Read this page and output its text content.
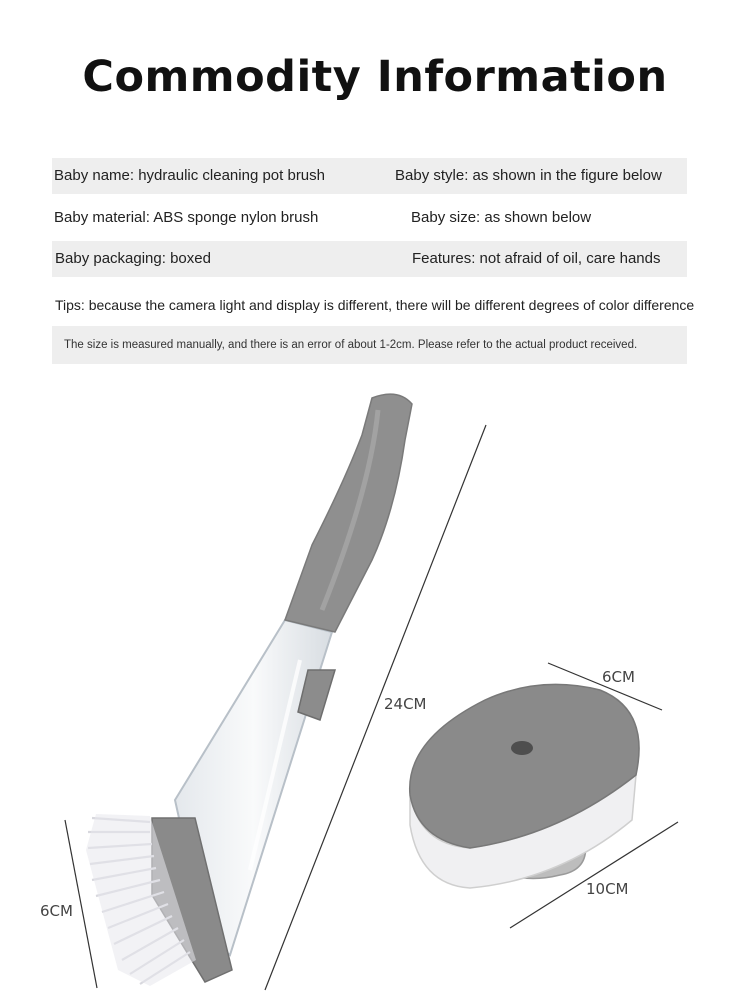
Commodity Information
Baby name: hydraulic cleaning pot brush	Baby style: as shown in the figure below
Baby material: ABS sponge nylon brush	Baby size: as shown below
Baby packaging: boxed	Features: not afraid of oil, care hands
Tips: because the camera light and display is different, there will be different degrees of color difference
The size is measured manually, and there is an error of about 1-2cm. Please refer to the actual product received.
24CM
6CM
6CM
10CM
